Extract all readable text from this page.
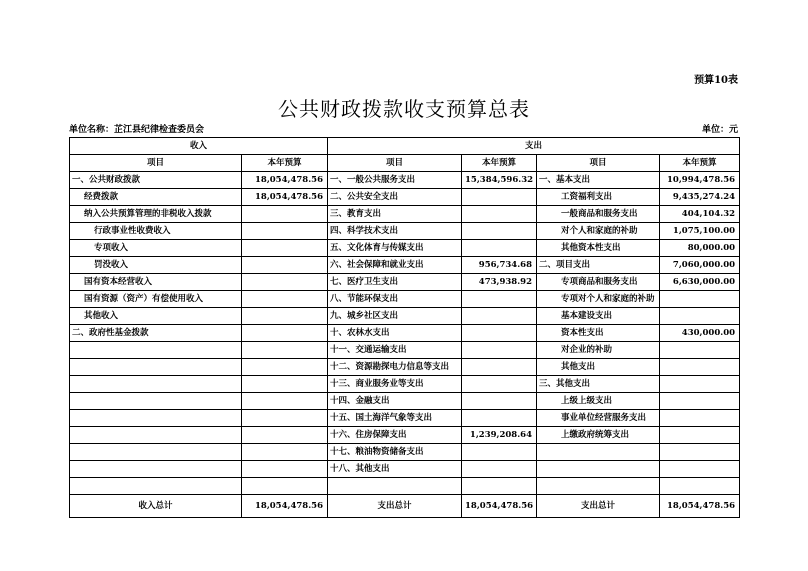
预算10表
公共财政拨款收支预算总表
单位名称：芷江县纪律检查委员会	单位：元
收入		支出			
项目	本年预算	项目	本年预算	项目	本年预算
一、公共财政拨款	18,054,478.56	一、一般公共服务支出	15,384,596.32	一、基本支出	10,994,478.56
经费拨款	18,054,478.56	二、公共安全支出		工资福利支出	9,435,274.24
纳入公共预算管理的非税收入拨款		三、教育支出		一般商品和服务支出	404,104.32
行政事业性收费收入		四、科学技术支出		对个人和家庭的补助	1,075,100.00
专项收入		五、文化体育与传媒支出		其他资本性支出	80,000.00
罚没收入		六、社会保障和就业支出	956,734.68	二、项目支出	7,060,000.00
国有资本经营收入		七、医疗卫生支出	473,938.92	专项商品和服务支出	6,630,000.00
国有资源（资产）有偿使用收入		八、节能环保支出		专项对个人和家庭的补助	
其他收入		九、城乡社区支出		基本建设支出	
二、政府性基金拨款		十、农林水支出		资本性支出	430,000.00
		十一、交通运输支出		对企业的补助	
		十二、资源勘探电力信息等支出		其他支出	
		十三、商业服务业等支出		三、其他支出	
		十四、金融支出		上级上级支出	
		十五、国土海洋气象等支出		事业单位经营服务支出	
		十六、住房保障支出	1,239,208.64	上缴政府统筹支出	
		十七、粮油物资储备支出			
		十八、其他支出			

收入总计	18,054,478.56	支出总计	18,054,478.56	支出总计	18,054,478.56
